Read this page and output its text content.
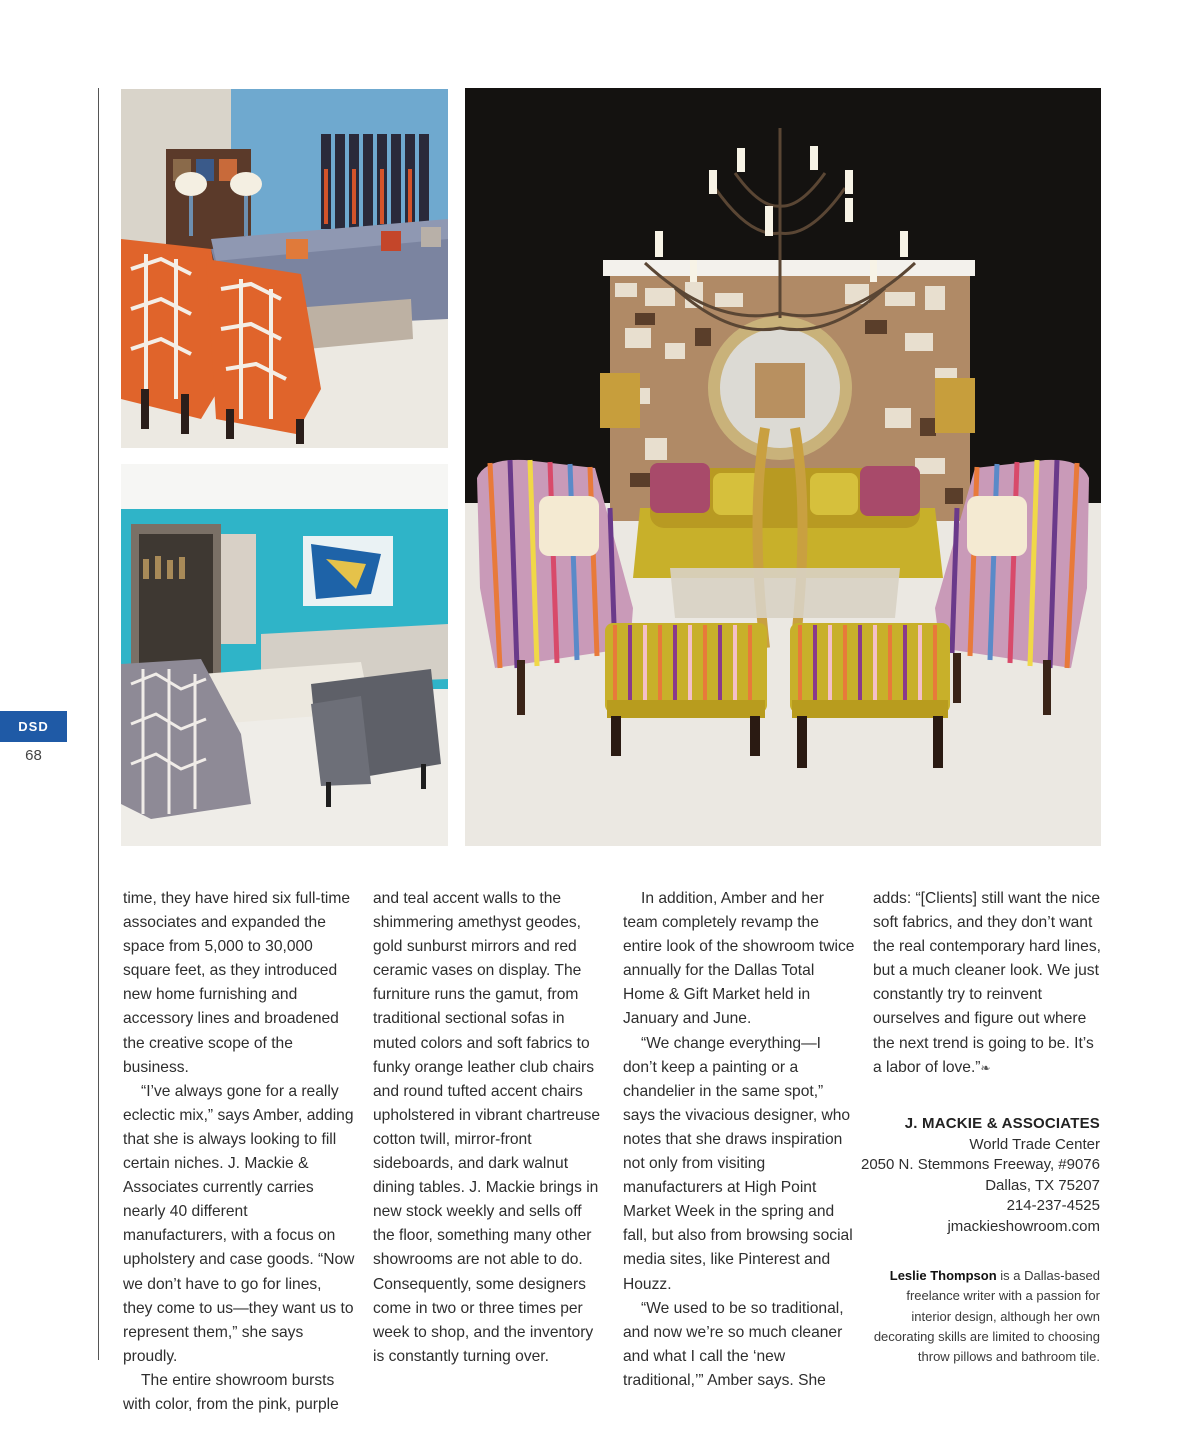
DSD
68

time, they have hired six full-time associates and expanded the space from 5,000 to 30,000 square feet, as they introduced new home furnishing and accessory lines and broadened the creative scope of the business.

“I’ve always gone for a really eclectic mix,” says Amber, adding that she is always looking to fill certain niches. J. Mackie & Associates currently carries nearly 40 different manufacturers, with a focus on upholstery and case goods. “Now we don’t have to go for lines, they come to us—they want us to represent them,” she says proudly.

The entire showroom bursts with color, from the pink, purple

and teal accent walls to the shimmering amethyst geodes, gold sunburst mirrors and red ceramic vases on display. The furniture runs the gamut, from traditional sectional sofas in muted colors and soft fabrics to funky orange leather club chairs and round tufted accent chairs upholstered in vibrant chartreuse cotton twill, mirror-front sideboards, and dark walnut dining tables. J. Mackie brings in new stock weekly and sells off the floor, something many other showrooms are not able to do. Consequently, some designers come in two or three times per week to shop, and the inventory is constantly turning over.

In addition, Amber and her team completely revamp the entire look of the showroom twice annually for the Dallas Total Home & Gift Market held in January and June.

“We change everything—I don’t keep a painting or a chandelier in the same spot,” says the vivacious designer, who notes that she draws inspiration not only from visiting manufacturers at High Point Market Week in the spring and fall, but also from browsing social media sites, like Pinterest and Houzz.

“We used to be so traditional, and now we’re so much cleaner and what I call the ‘new traditional,’” Amber says. She

adds: “[Clients] still want the nice soft fabrics, and they don’t want the real contemporary hard lines, but a much cleaner look. We just constantly try to reinvent ourselves and figure out where the next trend is going to be. It’s a labor of love.”❧

J. MACKIE & ASSOCIATES
World Trade Center
2050 N. Stemmons Freeway, #9076
Dallas, TX 75207
214-237-4525
jmackieshowroom.com
Leslie Thompson is a Dallas-based freelance writer with a passion for interior design, although her own decorating skills are limited to choosing throw pillows and bathroom tile.
